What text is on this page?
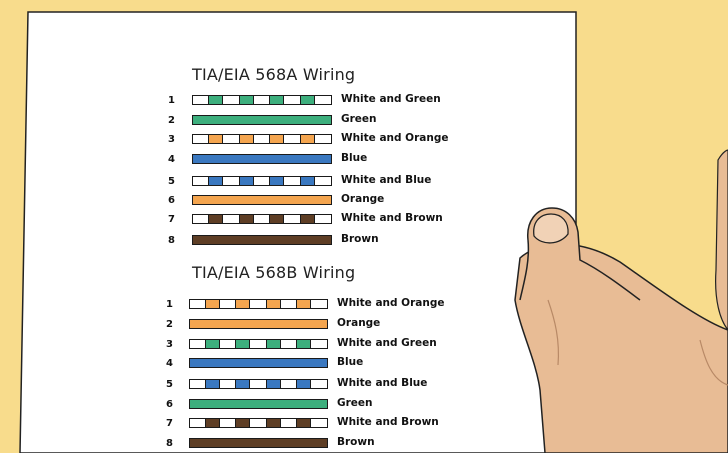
TIA/EIA 568A Wiring
1	White and Green
2	Green
3	White and Orange
4	Blue
5	White and Blue
6	Orange
7	White and Brown
8	Brown
TIA/EIA 568B Wiring
1	White and Orange
2	Orange
3	White and Green
4	Blue
5	White and Blue
6	Green
7	White and Brown
8	Brown
